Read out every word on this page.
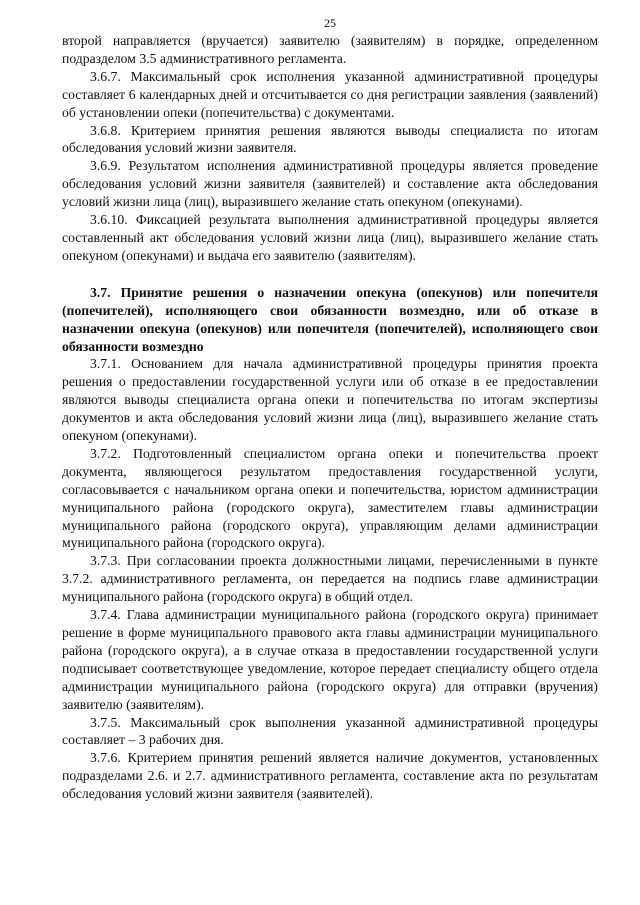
25

второй направляется (вручается) заявителю (заявителям) в порядке, определенном подразделом 3.5 административного регламента.

3.6.7. Максимальный срок исполнения указанной административной процедуры составляет 6 календарных дней и отсчитывается со дня регистрации заявления (заявлений) об установлении опеки (попечительства) с документами.

3.6.8. Критерием принятия решения являются выводы специалиста по итогам обследования условий жизни заявителя.

3.6.9. Результатом исполнения административной процедуры является проведение обследования условий жизни заявителя (заявителей) и составление акта обследования условий жизни лица (лиц), выразившего желание стать опекуном (опекунами).

3.6.10. Фиксацией результата выполнения административной процедуры является составленный акт обследования условий жизни лица (лиц), выразившего желание стать опекуном (опекунами) и выдача его заявителю (заявителям).

3.7. Принятие решения о назначении опекуна (опекунов) или попечителя (попечителей), исполняющего свои обязанности возмездно, или об отказе в назначении опекуна (опекунов) или попечителя (попечителей), исполняющего свои обязанности возмездно

3.7.1. Основанием для начала административной процедуры принятия проекта решения о предоставлении государственной услуги или об отказе в ее предоставлении являются выводы специалиста органа опеки и попечительства по итогам экспертизы документов и акта обследования условий жизни лица (лиц), выразившего желание стать опекуном (опекунами).

3.7.2. Подготовленный специалистом органа опеки и попечительства проект документа, являющегося результатом предоставления государственной услуги, согласовывается с начальником органа опеки и попечительства, юристом администрации муниципального района (городского округа), заместителем главы администрации муниципального района (городского округа), управляющим делами администрации муниципального района (городского округа).

3.7.3. При согласовании проекта должностными лицами, перечисленными в пункте 3.7.2. административного регламента, он передается на подпись главе администрации муниципального района (городского округа) в общий отдел.

3.7.4. Глава администрации муниципального района (городского округа) принимает решение в форме муниципального правового акта главы администрации муниципального района (городского округа), а в случае отказа в предоставлении государственной услуги подписывает соответствующее уведомление, которое передает специалисту общего отдела администрации муниципального района (городского округа) для отправки (вручения) заявителю (заявителям).

3.7.5. Максимальный срок выполнения указанной административной процедуры составляет – 3 рабочих дня.

3.7.6. Критерием принятия решений является наличие документов, установленных подразделами 2.6. и 2.7. административного регламента, составление акта по результатам обследования условий жизни заявителя (заявителей).
